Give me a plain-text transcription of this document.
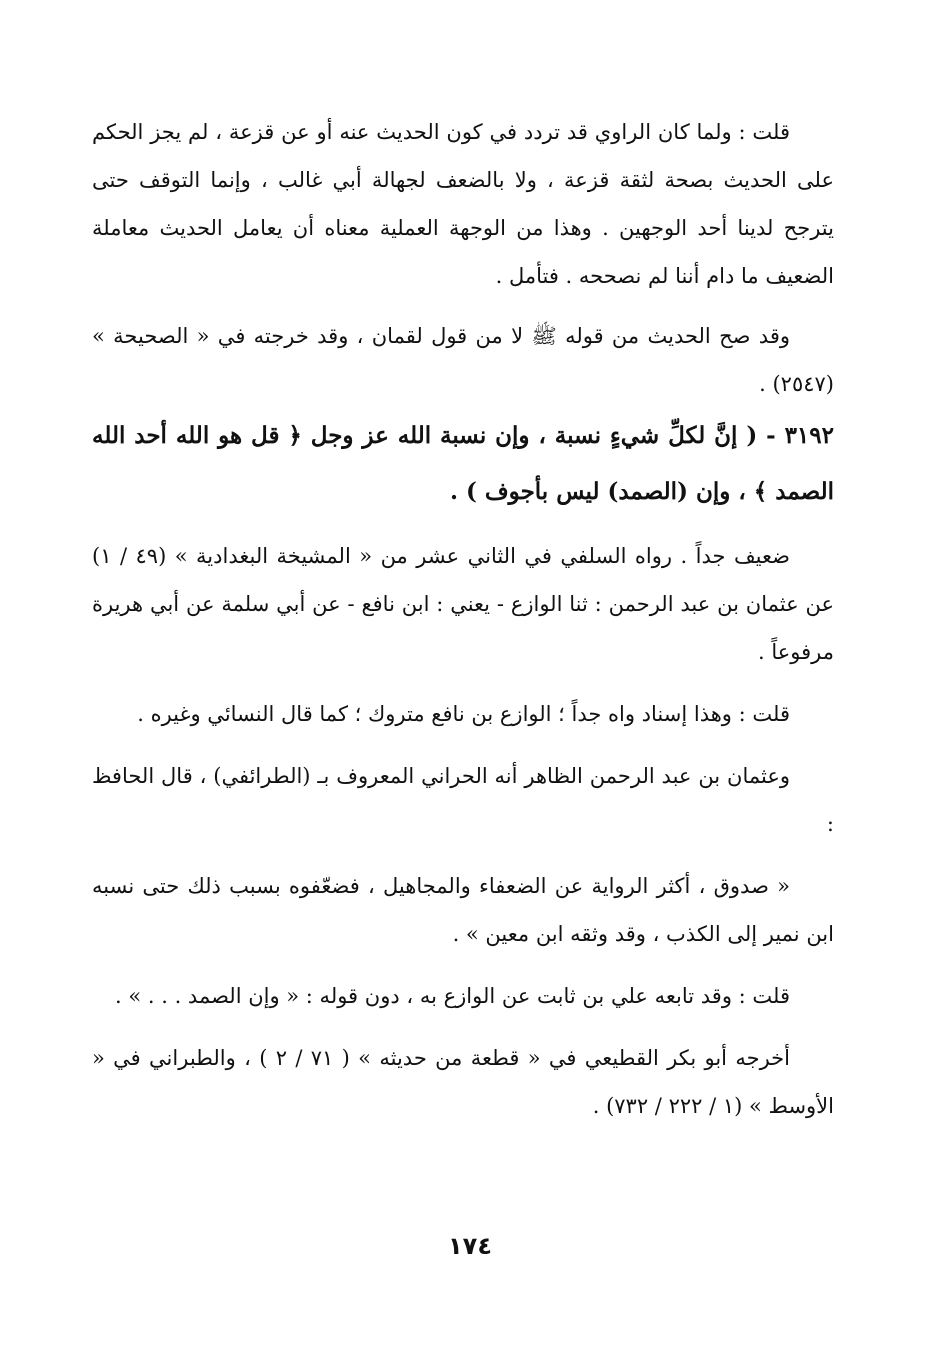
قلت : ولما كان الراوي قد تردد في كون الحديث عنه أو عن قزعة ، لم يجز الحكم على الحديث بصحة لثقة قزعة ، ولا بالضعف لجهالة أبي غالب ، وإنما التوقف حتى يترجح لدينا أحد الوجهين . وهذا من الوجهة العملية معناه أن يعامل الحديث معاملة الضعيف ما دام أننا لم نصححه . فتأمل .

وقد صح الحديث من قوله ﷺ لا من قول لقمان ، وقد خرجته في « الصحيحة » (٢٥٤٧) .

٣١٩٢ - ( إنَّ لكلِّ شيءٍ نسبة ، وإن نسبة الله عز وجل ﴿ قل هو الله أحد الله الصمد ﴾ ، وإن (الصمد) ليس بأجوف ) .

ضعيف جداً . رواه السلفي في الثاني عشر من « المشيخة البغدادية » (٤٩ / ١) عن عثمان بن عبد الرحمن : ثنا الوازع - يعني : ابن نافع - عن أبي سلمة عن أبي هريرة مرفوعاً .

قلت : وهذا إسناد واه جداً ؛ الوازع بن نافع متروك ؛ كما قال النسائي وغيره .

وعثمان بن عبد الرحمن الظاهر أنه الحراني المعروف بـ (الطرائفي) ، قال الحافظ :

« صدوق ، أكثر الرواية عن الضعفاء والمجاهيل ، فضعّفوه بسبب ذلك حتى نسبه ابن نمير إلى الكذب ، وقد وثقه ابن معين » .

قلت : وقد تابعه علي بن ثابت عن الوازع به ، دون قوله : « وإن الصمد . . . » .

أخرجه أبو بكر القطيعي في « قطعة من حديثه » ( ٧١ / ٢ ) ، والطبراني في « الأوسط » (١ / ٢٢٢ / ٧٣٢) .

١٧٤
